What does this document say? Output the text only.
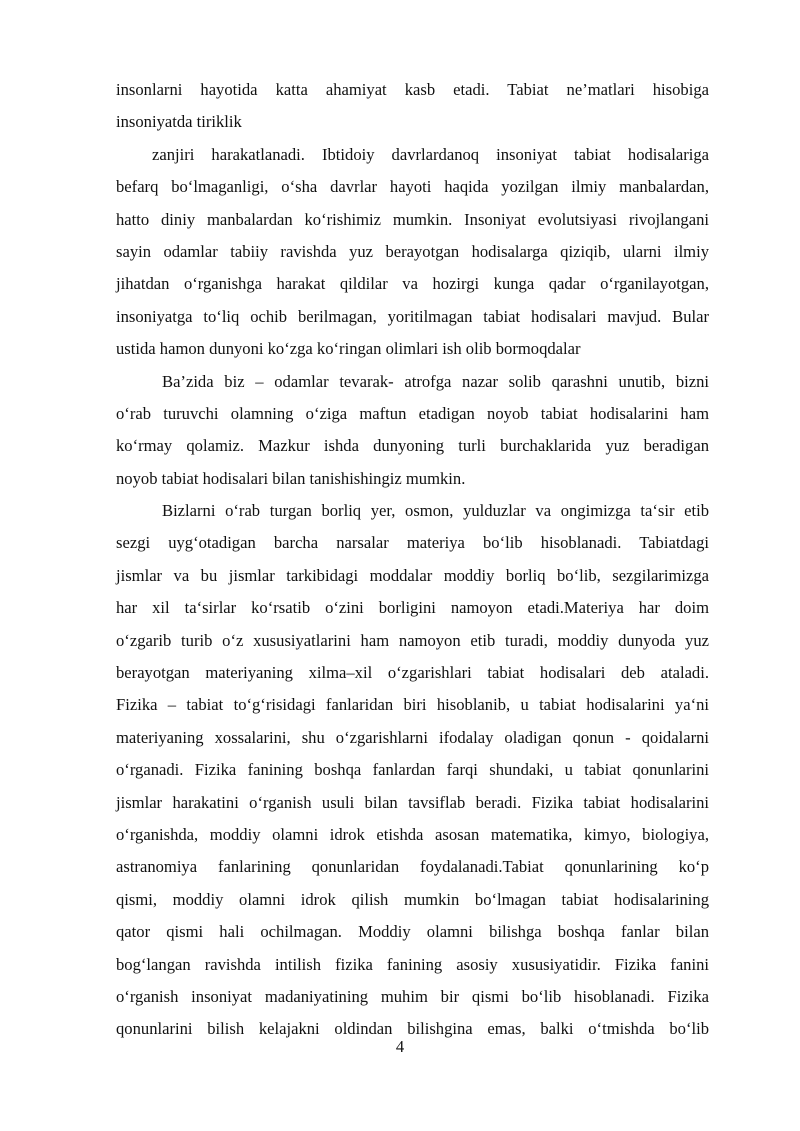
insonlarni hayotida katta ahamiyat kasb etadi. Tabiat ne’matlari hisobiga
insoniyatda tiriklik
zanjiri harakatlanadi. Ibtidoiy davrlardanoq insoniyat tabiat hodisalariga
befarq bo‘lmaganligi, o‘sha davrlar hayoti haqida yozilgan ilmiy manbalardan,
hatto diniy manbalardan ko‘rishimiz mumkin. Insoniyat evolutsiyasi rivojlangani
sayin odamlar tabiiy ravishda yuz berayotgan hodisalarga qiziqib, ularni ilmiy
jihatdan o‘rganishga harakat qildilar va hozirgi kunga qadar o‘rganilayotgan,
insoniyatga to‘liq ochib berilmagan, yoritilmagan tabiat hodisalari mavjud. Bular
ustida hamon dunyoni ko‘zga ko‘ringan olimlari ish olib bormoqdalar
Ba’zida biz – odamlar tevarak- atrofga nazar solib qarashni unutib, bizni
o‘rab turuvchi olamning o‘ziga maftun etadigan noyob tabiat hodisalarini ham
ko‘rmay qolamiz. Mazkur ishda dunyoning turli burchaklarida yuz beradigan
noyob tabiat hodisalari bilan tanishishingiz mumkin.
Bizlarni o‘rab turgan borliq yer, osmon, yulduzlar va ongimizga ta‘sir etib
sezgi uyg‘otadigan barcha narsalar materiya bo‘lib hisoblanadi. Tabiatdagi
jismlar va bu jismlar tarkibidagi moddalar moddiy borliq bo‘lib, sezgilarimizga
har xil ta‘sirlar ko‘rsatib o‘zini borligini namoyon etadi.Materiya har doim
o‘zgarib turib o‘z xususiyatlarini ham namoyon etib turadi, moddiy dunyoda yuz
berayotgan materiyaning xilma–xil o‘zgarishlari tabiat hodisalari deb ataladi.
Fizika – tabiat to‘g‘risidagi fanlaridan biri hisoblanib, u tabiat hodisalarini ya‘ni
materiyaning xossalarini, shu o‘zgarishlarni ifodalay oladigan qonun - qoidalarni
o‘rganadi. Fizika fanining boshqa fanlardan farqi shundaki, u tabiat qonunlarini
jismlar harakatini o‘rganish usuli bilan tavsiflab beradi. Fizika tabiat hodisalarini
o‘rganishda, moddiy olamni idrok etishda asosan matematika, kimyo, biologiya,
astranomiya fanlarining qonunlaridan foydalanadi.Tabiat qonunlarining ko‘p
qismi, moddiy olamni idrok qilish mumkin bo‘lmagan tabiat hodisalarining
qator qismi hali ochilmagan. Moddiy olamni bilishga boshqa fanlar bilan
bog‘langan ravishda intilish fizika fanining asosiy xususiyatidir. Fizika fanini
o‘rganish insoniyat madaniyatining muhim bir qismi bo‘lib hisoblanadi. Fizika
qonunlarini bilish kelajakni oldindan bilishgina emas, balki o‘tmishda bo‘lib
4
